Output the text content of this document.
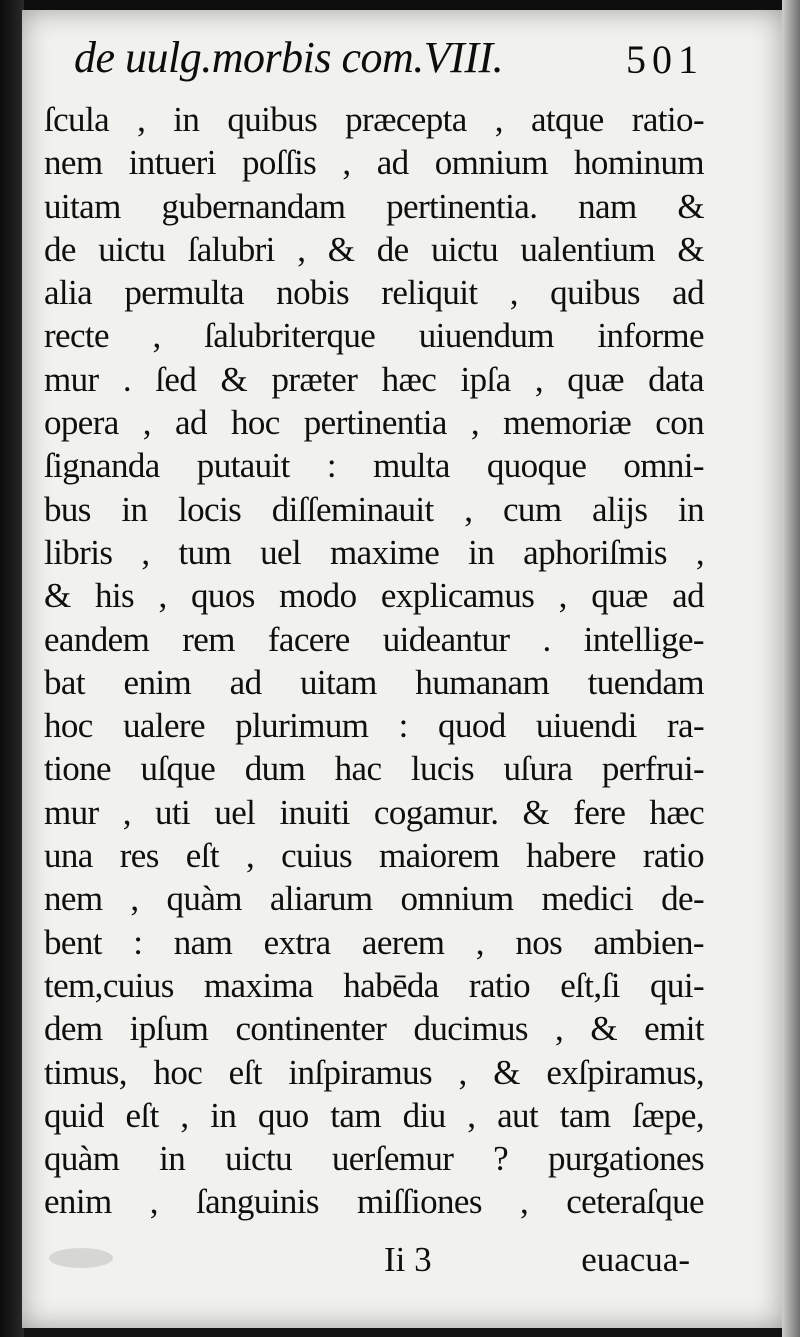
de uulg.morbis com.VIII.	501
ſcula , in quibus præcepta , atque ratio-
nem intueri poſſis , ad omnium hominum
uitam gubernandam pertinentia. nam &
de uictu ſalubri , & de uictu ualentium &
alia permulta nobis reliquit , quibus ad
recte , ſalubriterque uiuendum informe
mur . ſed & præter hæc ipſa , quæ data
opera , ad hoc pertinentia , memoriæ con
ſignanda putauit : multa quoque omni-
bus in locis diſſeminauit , cum alijs in
libris , tum uel maxime in aphoriſmis ,
& his , quos modo explicamus , quæ ad
eandem rem facere uideantur . intellige-
bat enim ad uitam humanam tuendam
hoc ualere plurimum : quod uiuendi ra-
tione uſque dum hac lucis uſura perfrui-
mur , uti uel inuiti cogamur. & fere hæc
una res eſt , cuius maiorem habere ratio
nem , quàm aliarum omnium medici de-
bent : nam extra aerem , nos ambien-
tem,cuius maxima habēda ratio eſt,ſi qui-
dem ipſum continenter ducimus , & emit
timus, hoc eſt inſpiramus , & exſpiramus,
quid eſt , in quo tam diu , aut tam ſæpe,
quàm in uictu uerſemur ? purgationes
enim , ſanguinis miſſiones , ceteraſque
Ii 3	euacua-
